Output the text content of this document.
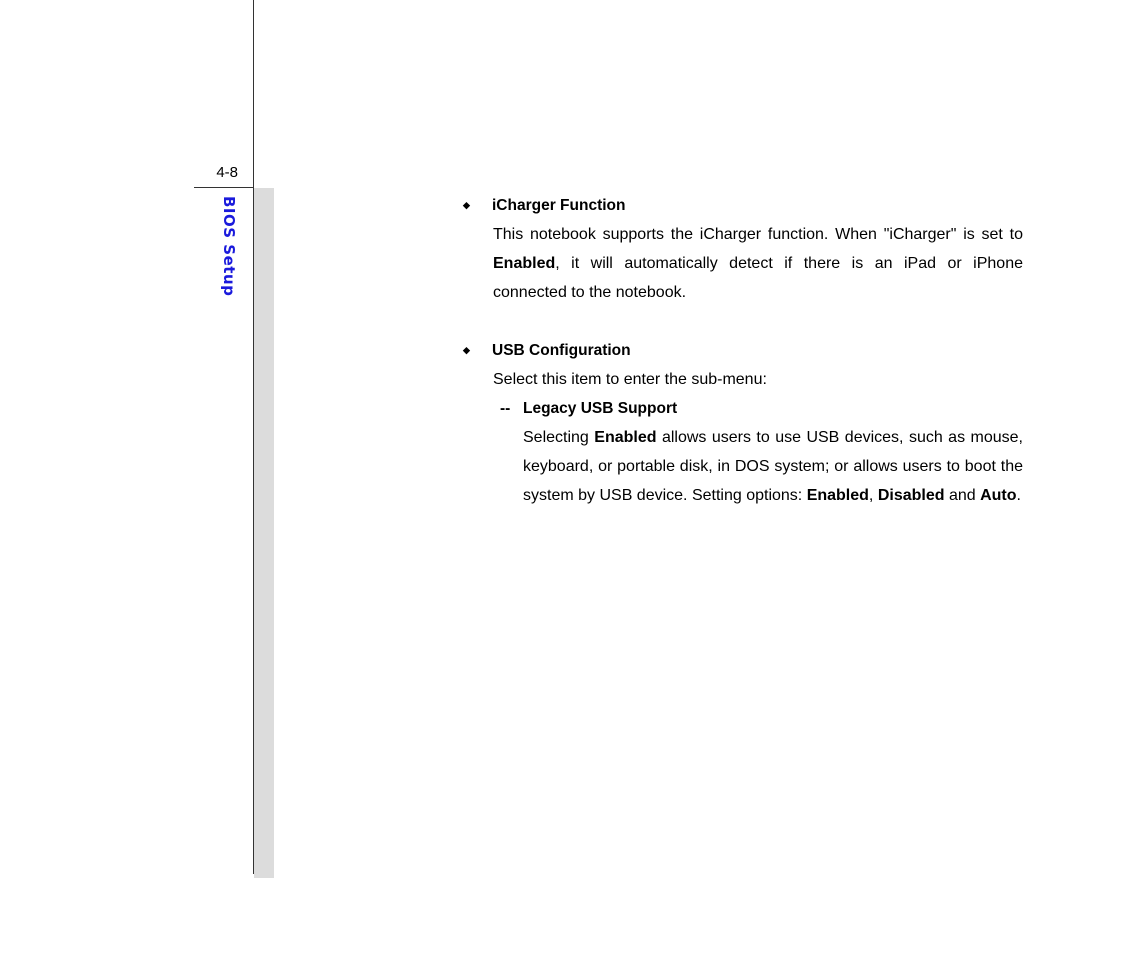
4-8
BIOS Setup	◆	iCharger Function
This notebook supports the iCharger function. When "iCharger" is set to Enabled, it will automatically detect if there is an iPad or iPhone connected to the notebook.
◆	USB Configuration
Select this item to enter the sub-menu:
-- Legacy USB Support
Selecting Enabled allows users to use USB devices, such as mouse, keyboard, or portable disk, in DOS system; or allows users to boot the system by USB device. Setting options: Enabled, Disabled and Auto.
